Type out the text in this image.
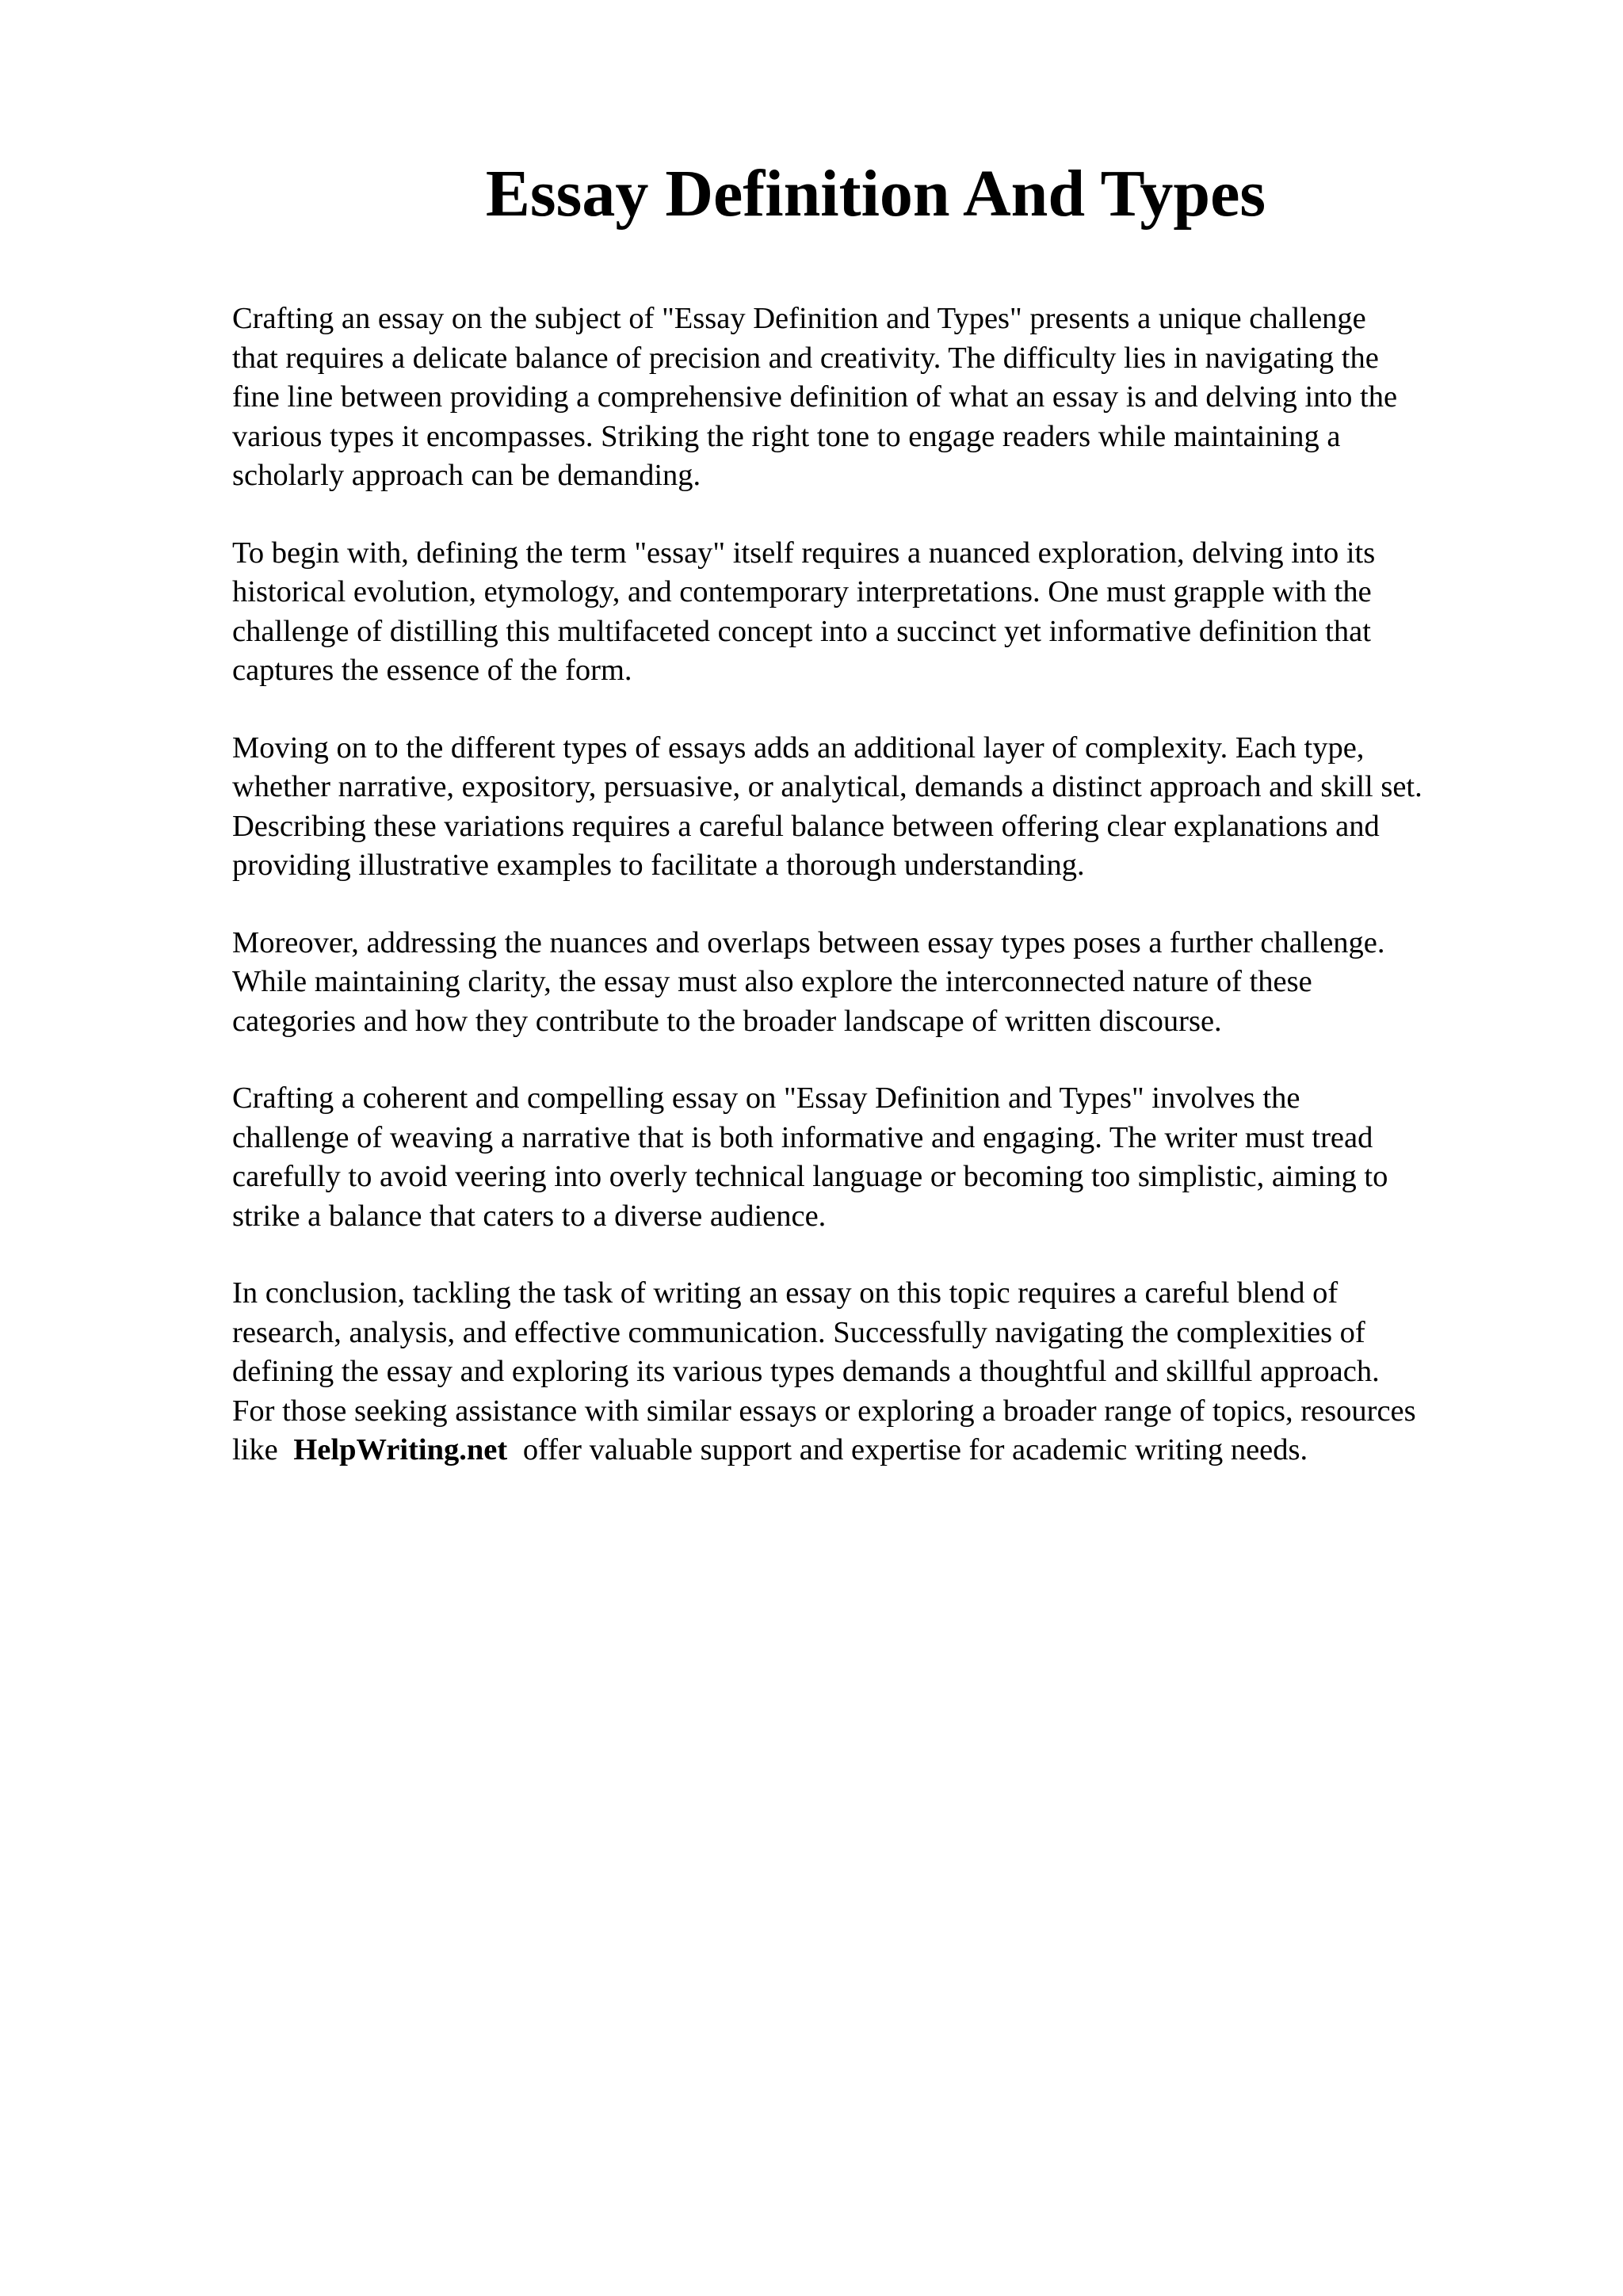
Essay Definition And Types
Crafting an essay on the subject of "Essay Definition and Types" presents a unique challenge
that requires a delicate balance of precision and creativity. The difficulty lies in navigating the
fine line between providing a comprehensive definition of what an essay is and delving into the
various types it encompasses. Striking the right tone to engage readers while maintaining a
scholarly approach can be demanding.
To begin with, defining the term "essay" itself requires a nuanced exploration, delving into its
historical evolution, etymology, and contemporary interpretations. One must grapple with the
challenge of distilling this multifaceted concept into a succinct yet informative definition that
captures the essence of the form.
Moving on to the different types of essays adds an additional layer of complexity. Each type,
whether narrative, expository, persuasive, or analytical, demands a distinct approach and skill set.
Describing these variations requires a careful balance between offering clear explanations and
providing illustrative examples to facilitate a thorough understanding.
Moreover, addressing the nuances and overlaps between essay types poses a further challenge.
While maintaining clarity, the essay must also explore the interconnected nature of these
categories and how they contribute to the broader landscape of written discourse.
Crafting a coherent and compelling essay on "Essay Definition and Types" involves the
challenge of weaving a narrative that is both informative and engaging. The writer must tread
carefully to avoid veering into overly technical language or becoming too simplistic, aiming to
strike a balance that caters to a diverse audience.
In conclusion, tackling the task of writing an essay on this topic requires a careful blend of
research, analysis, and effective communication. Successfully navigating the complexities of
defining the essay and exploring its various types demands a thoughtful and skillful approach.
For those seeking assistance with similar essays or exploring a broader range of topics, resources
like HelpWriting.net offer valuable support and expertise for academic writing needs.
